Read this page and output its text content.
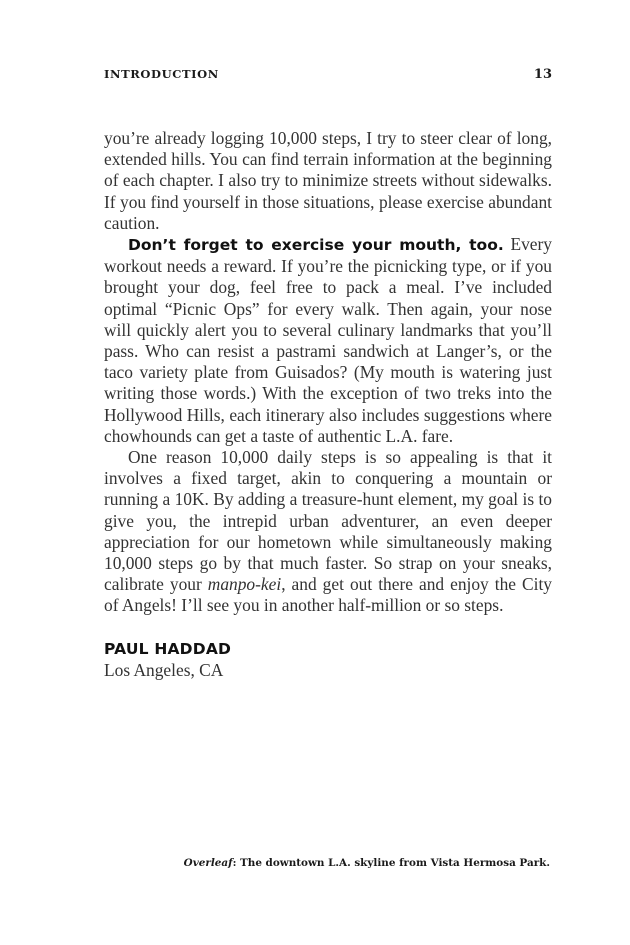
INTRODUCTION	13

you’re already logging 10,000 steps, I try to steer clear of long, extended hills. You can find terrain information at the beginning of each chapter. I also try to minimize streets without sidewalks. If you find yourself in those situations, please exercise abundant caution.

Don’t forget to exercise your mouth, too. Every workout needs a reward. If you’re the picnicking type, or if you brought your dog, feel free to pack a meal. I’ve included optimal “Picnic Ops” for every walk. Then again, your nose will quickly alert you to several culinary landmarks that you’ll pass. Who can resist a pastrami sandwich at Langer’s, or the taco variety plate from Guisados? (My mouth is watering just writing those words.) With the exception of two treks into the Hollywood Hills, each itinerary also includes suggestions where chowhounds can get a taste of authentic L.A. fare.

One reason 10,000 daily steps is so appealing is that it involves a fixed target, akin to conquering a mountain or running a 10K. By adding a treasure-hunt element, my goal is to give you, the intrepid urban adventurer, an even deeper appreciation for our hometown while simultaneously making 10,000 steps go by that much faster. So strap on your sneaks, calibrate your manpo-kei, and get out there and enjoy the City of Angels! I’ll see you in another half-million or so steps.

PAUL HADDAD
Los Angeles, CA
Overleaf: The downtown L.A. skyline from Vista Hermosa Park.
